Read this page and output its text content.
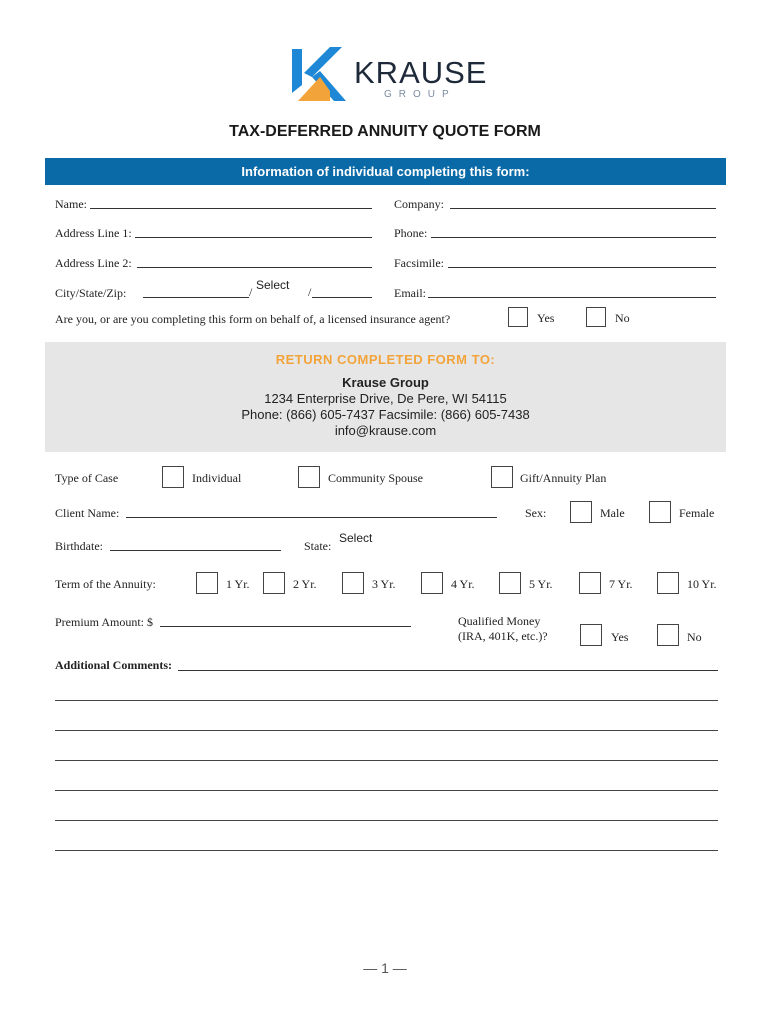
KRAUSE
GROUP
TAX-DEFERRED ANNUITY QUOTE FORM
Information of individual completing this form:
Name:	Company:
Address Line 1:	Phone:
Address Line 2:	Facsimile:
City/State/Zip:	/ Select /	Email:
Are you, or are you completing this form on behalf of, a licensed insurance agent?	Yes	No
RETURN COMPLETED FORM TO:
Krause Group
1234 Enterprise Drive, De Pere, WI 54115
Phone: (866) 605-7437 Facsimile: (866) 605-7438
info@krause.com
Type of Case	Individual	Community Spouse	Gift/Annuity Plan
Client Name:	Sex:	Male	Female
Birthdate:	State:
Select
Term of the Annuity:	1 Yr.	2 Yr.	3 Yr.	4 Yr.	5 Yr.	7 Yr.	10 Yr.
Premium Amount: $	Qualified Money
(IRA, 401K, etc.)?	Yes	No
Additional Comments:
— 1 —
